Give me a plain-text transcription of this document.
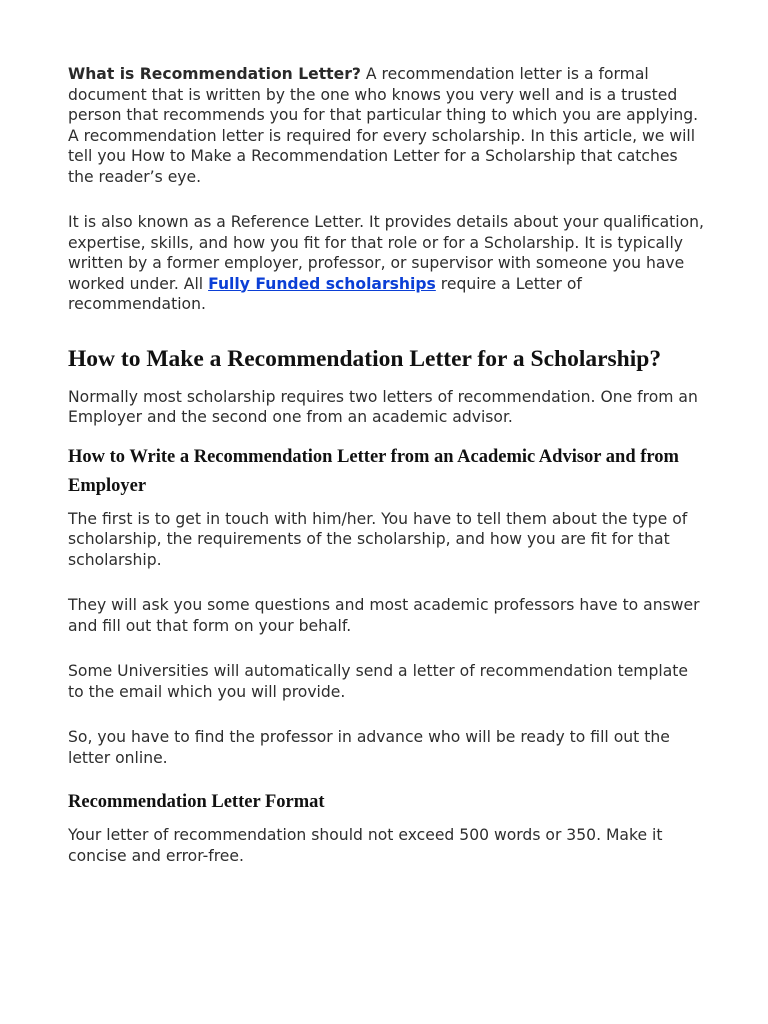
What is Recommendation Letter? A recommendation letter is a formal document that is written by the one who knows you very well and is a trusted person that recommends you for that particular thing to which you are applying. A recommendation letter is required for every scholarship. In this article, we will tell you How to Make a Recommendation Letter for a Scholarship that catches the reader’s eye.

It is also known as a Reference Letter. It provides details about your qualification, expertise, skills, and how you fit for that role or for a Scholarship. It is typically written by a former employer, professor, or supervisor with someone you have worked under. All Fully Funded scholarships require a Letter of recommendation.

How to Make a Recommendation Letter for a Scholarship?

Normally most scholarship requires two letters of recommendation. One from an Employer and the second one from an academic advisor.

How to Write a Recommendation Letter from an Academic Advisor and from Employer

The first is to get in touch with him/her. You have to tell them about the type of scholarship, the requirements of the scholarship, and how you are fit for that scholarship.

They will ask you some questions and most academic professors have to answer and fill out that form on your behalf.

Some Universities will automatically send a letter of recommendation template to the email which you will provide.

So, you have to find the professor in advance who will be ready to fill out the letter online.

Recommendation Letter Format

Your letter of recommendation should not exceed 500 words or 350. Make it concise and error-free.
